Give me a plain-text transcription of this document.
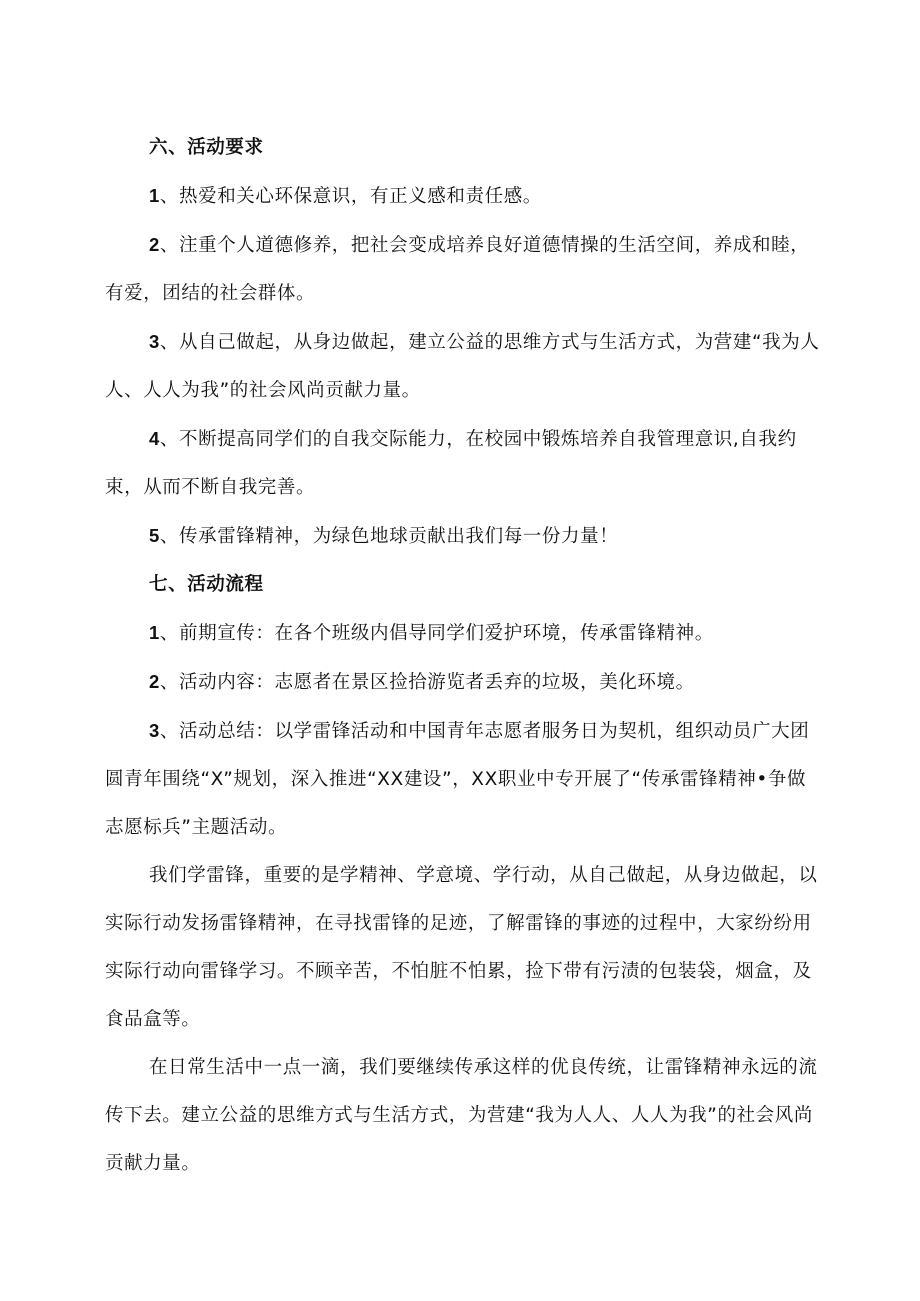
六、活动要求

1、热爱和关心环保意识，有正义感和责任感。

2、注重个人道德修养，把社会变成培养良好道德情操的生活空间，养成和睦，有爱，团结的社会群体。

3、从自己做起，从身边做起，建立公益的思维方式与生活方式，为营建“我为人人、人人为我”的社会风尚贡献力量。

4、不断提高同学们的自我交际能力，在校园中锻炼培养自我管理意识,自我约束，从而不断自我完善。

5、传承雷锋精神，为绿色地球贡献出我们每一份力量！

七、活动流程

1、前期宣传：在各个班级内倡导同学们爱护环境，传承雷锋精神。

2、活动内容：志愿者在景区捡拾游览者丢弃的垃圾，美化环境。

3、活动总结：以学雷锋活动和中国青年志愿者服务日为契机，组织动员广大团圆青年围绕“X”规划，深入推进“XX建设”，XX职业中专开展了“传承雷锋精神•争做志愿标兵”主题活动。

我们学雷锋，重要的是学精神、学意境、学行动，从自己做起，从身边做起，以实际行动发扬雷锋精神，在寻找雷锋的足迹，了解雷锋的事迹的过程中，大家纷纷用实际行动向雷锋学习。不顾辛苦，不怕脏不怕累，捡下带有污渍的包装袋，烟盒，及食品盒等。

在日常生活中一点一滴，我们要继续传承这样的优良传统，让雷锋精神永远的流传下去。建立公益的思维方式与生活方式，为营建“我为人人、人人为我”的社会风尚贡献力量。
